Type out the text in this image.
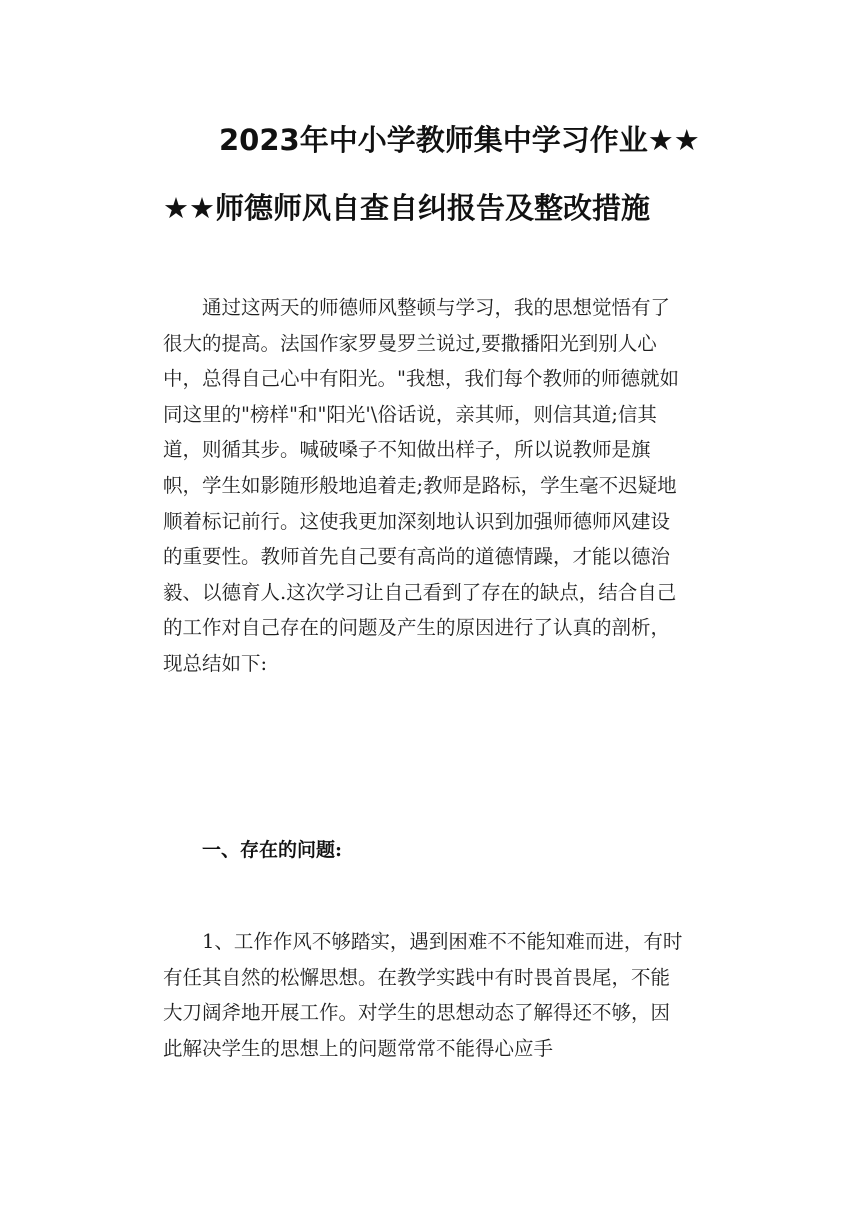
2023年中小学教师集中学习作业★★
★★师德师风自查自纠报告及整改措施
通过这两天的师德师风整顿与学习，我的思想觉悟有了
很大的提高。法国作家罗曼罗兰说过,要撒播阳光到别人心
中，总得自己心中有阳光。"我想，我们每个教师的师德就如
同这里的"榜样"和"阳光'\俗话说，亲其师，则信其道;信其
道，则循其步。喊破嗓子不知做出样子，所以说教师是旗
帜，学生如影随形般地追着走;教师是路标，学生毫不迟疑地
顺着标记前行。这使我更加深刻地认识到加强师德师风建设
的重要性。教师首先自己要有高尚的道德情躁，才能以德治
毅、以德育人.这次学习让自己看到了存在的缺点，结合自己
的工作对自己存在的问题及产生的原因进行了认真的剖析，
现总结如下:
一、存在的问题:
1、工作作风不够踏实，遇到困难不不能知难而进，有时
有任其自然的松懈思想。在教学实践中有时畏首畏尾，不能
大刀阔斧地开展工作。对学生的思想动态了解得还不够，因
此解决学生的思想上的问题常常不能得心应手
